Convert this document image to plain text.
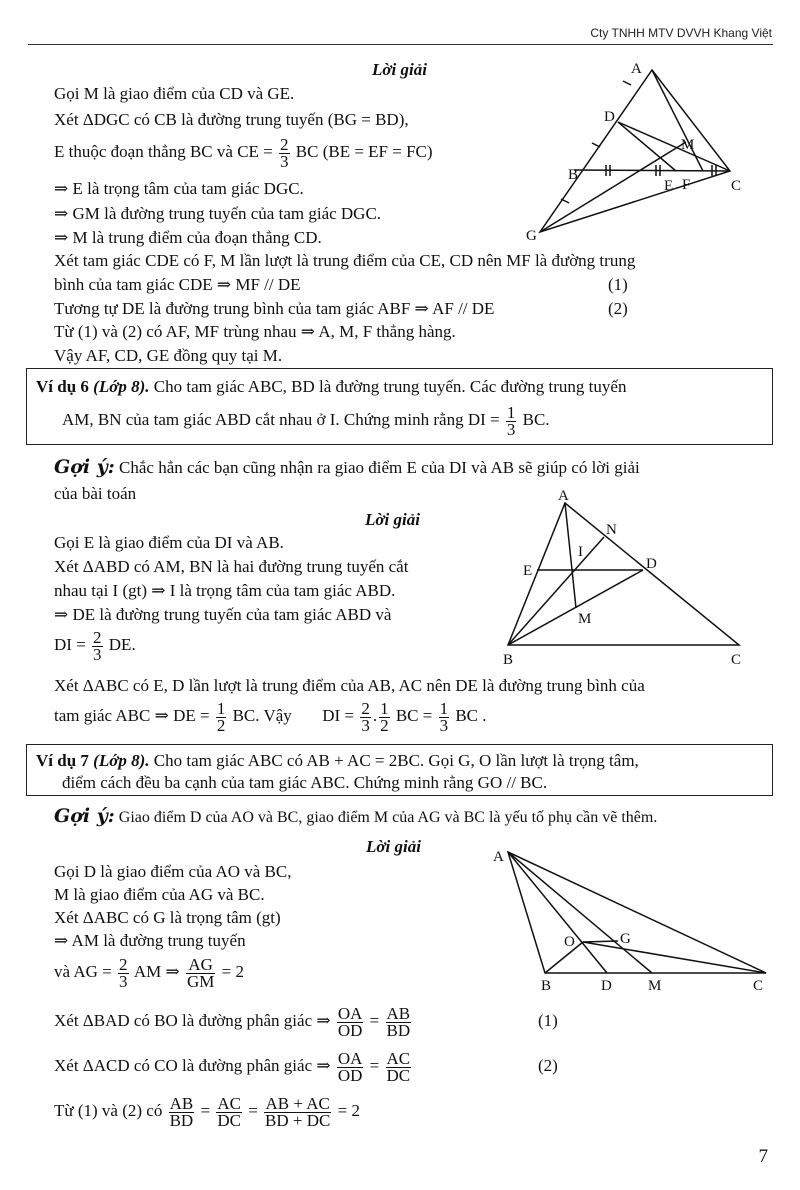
Cty TNHH MTV DVVH Khang Việt
Lời giải
Gọi M là giao điểm của CD và GE.
Xét ΔDGC có CB là đường trung tuyến (BG = BD),
E thuộc đoạn thẳng BC và CE = $\frac{2}{3}$ BC (BE = EF = FC)
⇒ E là trọng tâm của tam giác DGC.
⇒ GM là đường trung tuyến của tam giác DGC.
⇒ M là trung điểm của đoạn thẳng CD.
Xét tam giác CDE có F, M lần lượt là trung điểm của CE, CD nên MF là đường trung
bình của tam giác CDE ⇒ MF // DE	(1)
Tương tự DE là đường trung bình của tam giác ABF ⇒ AF // DE	(2)
Từ (1) và (2) có AF, MF trùng nhau ⇒ A, M, F thẳng hàng.
Vậy AF, CD, GE đồng quy tại M.
A
D
M
B
E F	C
G
Ví dụ 6 (Lớp 8). Cho tam giác ABC, BD là đường trung tuyến. Các đường trung tuyến
AM, BN của tam giác ABD cắt nhau ở I. Chứng minh rằng DI = $\frac{1}{3}$ BC.
Gợi ý: Chắc hẳn các bạn cũng nhận ra giao điểm E của DI và AB sẽ giúp có lời giải
của bài toán
Lời giải
Gọi E là giao điểm của DI và AB.
Xét ΔABD có AM, BN là hai đường trung tuyến cắt
nhau tại I (gt) ⇒ I là trọng tâm của tam giác ABD.
⇒ DE là đường trung tuyến của tam giác ABD và
DI = $\frac{2}{3}$ DE.
Xét ΔABC có E, D lần lượt là trung điểm của AB, AC nên DE là đường trung bình của
tam giác ABC ⇒ DE = $\frac{1}{2}$ BC. Vậy DI = $\frac{2}{3}$ . $\frac{1}{2}$ BC = $\frac{1}{3}$ BC .
A
N
I
D
E
M
B	C
Ví dụ 7 (Lớp 8). Cho tam giác ABC có AB + AC = 2BC. Gọi G, O lần lượt là trọng tâm,
điểm cách đều ba cạnh của tam giác ABC. Chứng minh rằng GO // BC.
Gợi ý: Giao điểm D của AO và BC, giao điểm M của AG và BC là yếu tố phụ cần vẽ thêm.
Lời giải
Gọi D là giao điểm của AO và BC,
M là giao điểm của AG và BC.
Xét ΔABC có G là trọng tâm (gt)
⇒ AM là đường trung tuyến
và AG = $\frac{2}{3}$ AM ⇒ $\frac{AG}{GM} = 2$
Xét ΔBAD có BO là đường phân giác ⇒ $\frac{OA}{OD} = \frac{AB}{BD}$	(1)
Xét ΔACD có CO là đường phân giác ⇒ $\frac{OA}{OD} = \frac{AC}{DC}$	(2)
Từ (1) và (2) có $\frac{AB}{BD} = \frac{AC}{DC} = \frac{AB + AC}{BD + DC} = 2$
A
O	G
B	D M	C
7
